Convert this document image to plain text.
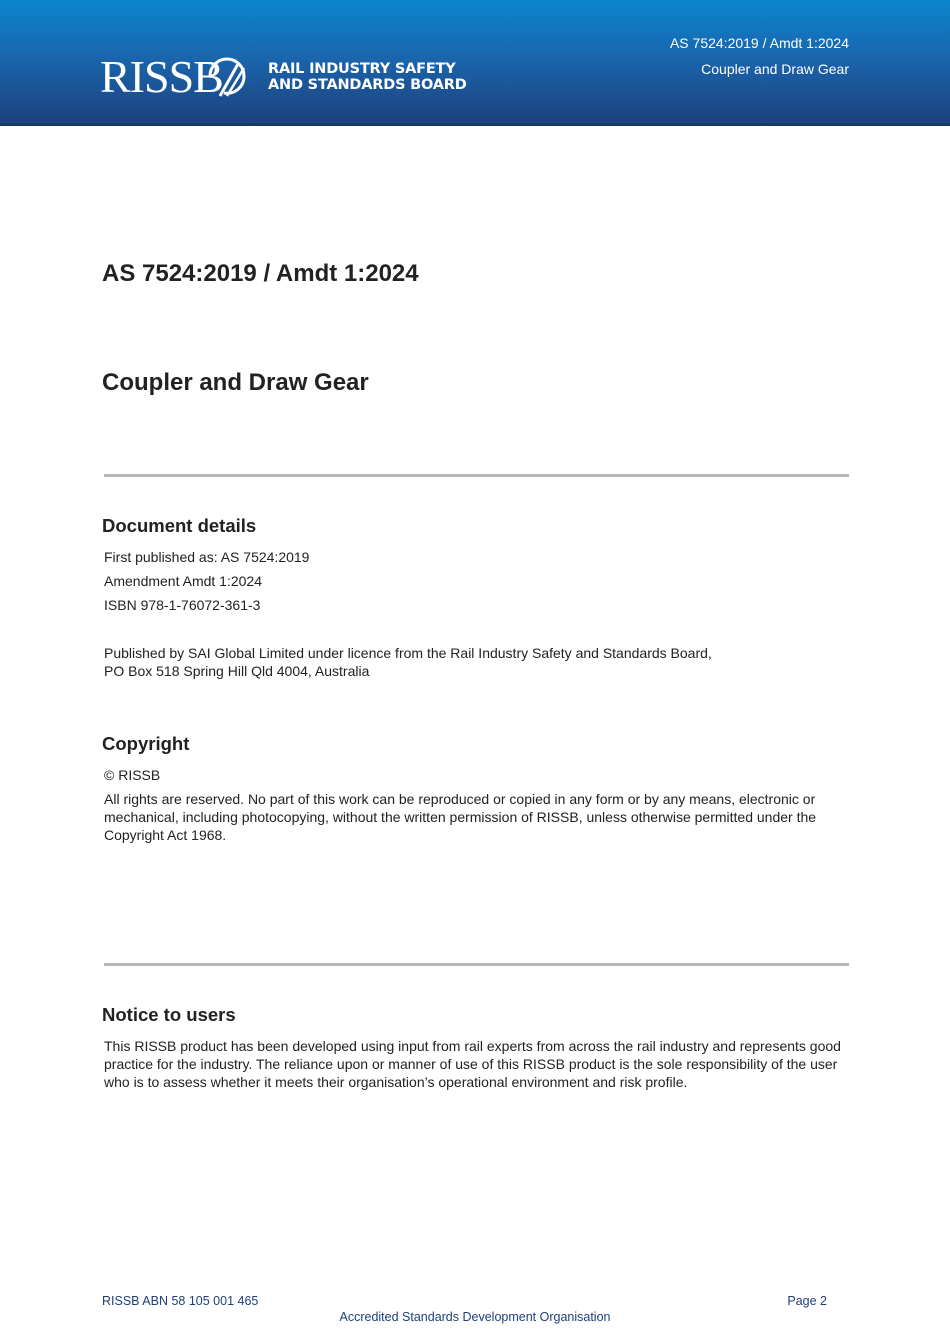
RISSB	RAIL INDUSTRY SAFETY
AND STANDARDS BOARD
AS 7524:2019 / Amdt 1:2024
Coupler and Draw Gear
AS 7524:2019 / Amdt 1:2024
Coupler and Draw Gear
Document details

First published as: AS 7524:2019

Amendment Amdt 1:2024

ISBN 978-1-76072-361-3

Published by SAI Global Limited under licence from the Rail Industry Safety and Standards Board,
PO Box 518 Spring Hill Qld 4004, Australia
Copyright

© RISSB

All rights are reserved. No part of this work can be reproduced or copied in any form or by any means, electronic or mechanical, including photocopying, without the written permission of RISSB, unless otherwise permitted under the Copyright Act 1968.

Notice to users

This RISSB product has been developed using input from rail experts from across the rail industry and represents good practice for the industry. The reliance upon or manner of use of this RISSB product is the sole responsibility of the user who is to assess whether it meets their organisation’s operational environment and risk profile.

RISSB ABN 58 105 001 465	Page 2
Accredited Standards Development Organisation
